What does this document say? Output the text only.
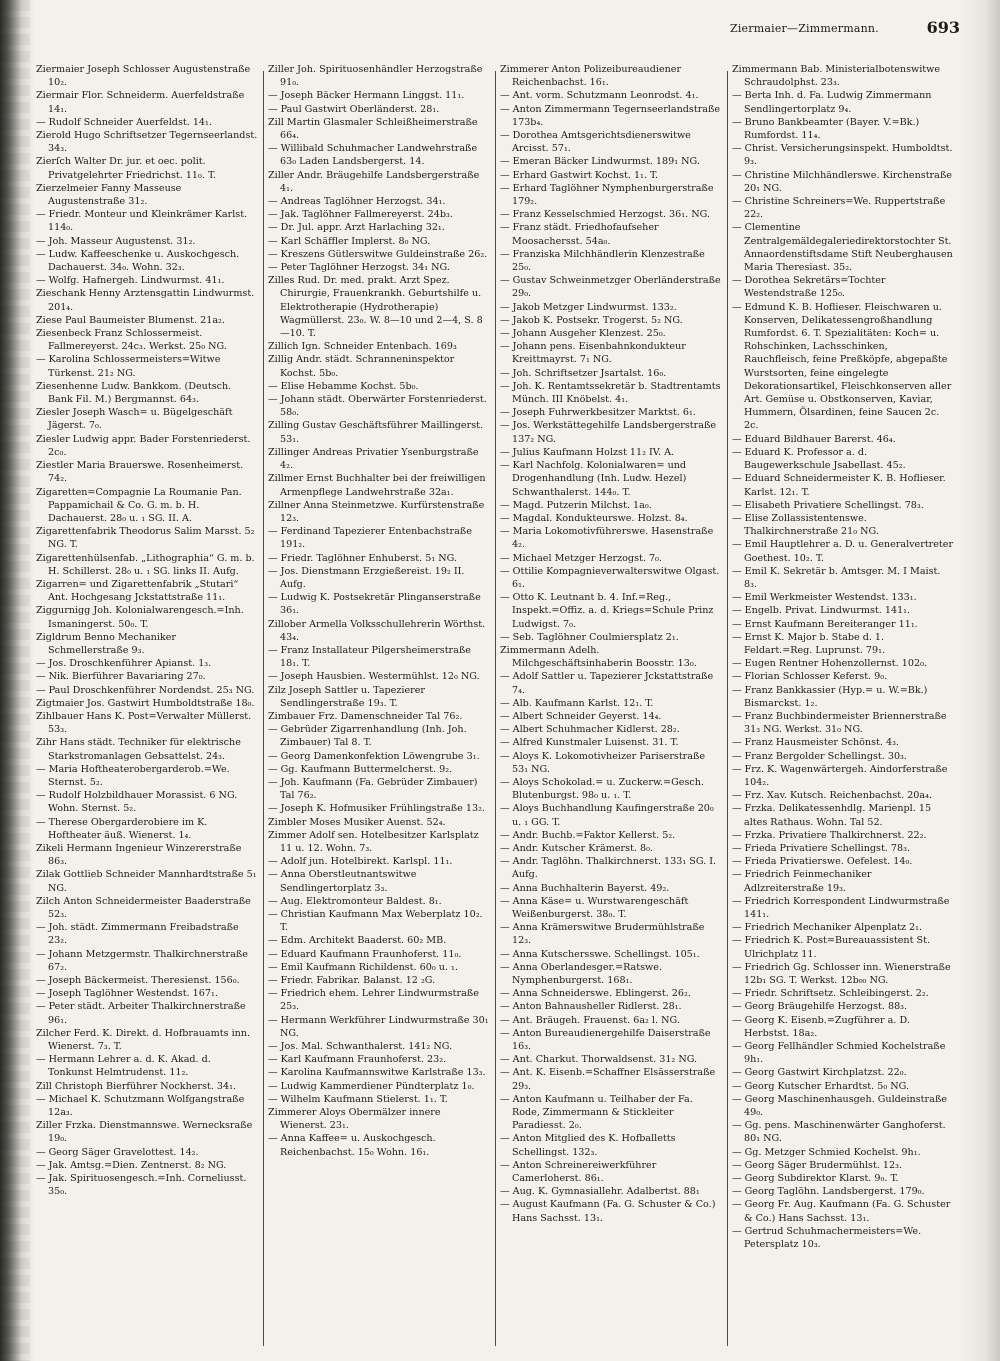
Ziermaier—Zimmermann.	693
Ziermaier Joseph Schlosser Augustenstraße 10₂.
Ziermair Flor. Schneiderm. Auerfeldstraße 14₁.
— Rudolf Schneider Auerfeldst. 14₁.
Zierold Hugo Schriftsetzer Tegernseerlandst. 34₃.
Zierſch Walter Dr. jur. et oec. polit. Privatgelehrter Friedrichst. 11₀. T.
Zierzelmeier Fanny Masseuse Augustenstraße 31₂.
— Friedr. Monteur und Kleinkrämer Karlst. 114₀.
— Joh. Masseur Augustenst. 31₂.
— Ludw. Kaffeeschenke u. Auskochgesch. Dachauerst. 34₀. Wohn. 32₃.
— Wolfg. Hafnergeh. Lindwurmst. 41₁.
Zieschank Henny Arztensgattin Lindwurmst. 201₄.
Ziese Paul Baumeister Blumenst. 21a₂.
Ziesenbeck Franz Schlossermeist. Fallmereyerst. 24c₃. Werkst. 25₀ NG.
— Karolina Schlossermeisters=Witwe Türkenst. 21₂ NG.
Ziesenhenne Ludw. Bankkom. (Deutsch. Bank Fil. M.) Bergmannst. 64₃.
Ziesler Joseph Wasch= u. Bügelgeschäft Jägerst. 7₀.
Ziesler Ludwig appr. Bader Forstenriederst. 2c₀.
Ziestler Maria Brauerswe. Rosenheimerst. 74₂.
Zigaretten=Compagnie La Roumanie Pan. Pappamichail & Co. G. m. b. H. Dachauerst. 28₀ u. ₁ SG. II. A.
Zigarettenfabrik Theodorus Salim Marsst. 5₂ NG. T.
Zigarettenhülsenfab. „Lithographia“ G. m. b. H. Schillerst. 28₀ u. ₁ SG. links II. Aufg.
Zigarren= und Zigarettenfabrik „Stutari“ Ant. Hochgesang Jckstattstraße 11₁.
Ziggurnigg Joh. Kolonialwarengesch.=Inh. Ismaningerst. 50₀. T.
Zigldrum Benno Mechaniker Schmellerstraße 9₃.
— Jos. Droschkenführer Apianst. 1₃.
— Nik. Bierführer Bavariaring 27₀.
— Paul Droschkenführer Nordendst. 25₃ NG.
Zigtmaier Jos. Gastwirt Humboldtstraße 18₀.
Zihlbauer Hans K. Post=Verwalter Müllerst. 53₃.
Zihr Hans städt. Techniker für elektrische Starkstromanlagen Gebsattelst. 24₃.
— Maria Hoftheaterobergarderob.=We. Sternst. 5₂.
— Rudolf Holzbildhauer Morassist. 6 NG. Wohn. Sternst. 5₂.
— Therese Obergarderobiere im K. Hoftheater äuß. Wienerst. 1₄.
Zikeli Hermann Ingenieur Winzererstraße 86₃.
Zilak Gottlieb Schneider Mannhardtstraße 5₁ NG.
Zilch Anton Schneidermeister Baaderstraße 52₃.
— Joh. städt. Zimmermann Freibadstraße 23₂.
— Johann Metzgermstr. Thalkirchnerstraße 67₂.
— Joseph Bäckermeist. Theresienst. 156₀.
— Joseph Taglöhner Westendst. 167₁.
— Peter städt. Arbeiter Thalkirchnerstraße 96₁.
Zilcher Ferd. K. Direkt. d. Hofbrauamts inn. Wienerst. 7₃. T.
— Hermann Lehrer a. d. K. Akad. d. Tonkunst Helmtrudenst. 11₂.
Zill Christoph Bierführer Nockherst. 34₁.
— Michael K. Schutzmann Wolfgangstraße 12a₃.
Ziller Frzka. Dienstmannswe. Wernecksraße 19₀.
— Georg Säger Gravelottest. 14₂.
— Jak. Amtsg.=Dien. Zentnerst. 8₂ NG.
— Jak. Spirituosengesch.=Inh. Corneliusst. 35₀.
Ziller Joh. Spirituosenhändler Herzogstraße 91₀.
— Joseph Bäcker Hermann Linggst. 11₁.
— Paul Gastwirt Oberländerst. 28₁.
Zill Martin Glasmaler Schleißheimerstraße 66₄.
— Willibald Schuhmacher Landwehrstraße 63₀ Laden Landsbergerst. 14.
Ziller Andr. Bräugehilfe Landsbergerstraße 4₁.
— Andreas Taglöhner Herzogst. 34₁.
— Jak. Taglöhner Fallmereyerst. 24b₃.
— Dr. Jul. appr. Arzt Harlaching 32₁.
— Karl Schäffler Implerst. 8₀ NG.
— Kreszens Gütlerswitwe Guldeinstraße 26₂.
— Peter Taglöhner Herzogst. 34₁ NG.
Zilles Rud. Dr. med. prakt. Arzt Spez. Chirurgie, Frauenkrankh. Geburtshilfe u. Elektrotherapie (Hydrotherapie) Wagmüllerst. 23₀. W. 8—10 und 2—4, S. 8—10. T.
Zillich Ign. Schneider Entenbach. 169₃
Zillig Andr. städt. Schranneninspektor Kochst. 5b₀.
— Elise Hebamme Kochst. 5b₀.
— Johann städt. Oberwärter Forstenriederst. 58₀.
Zilling Gustav Geschäftsführer Maillingerst. 53₁.
Zillinger Andreas Privatier Ysenburgstraße 4₂.
Zillmer Ernst Buchhalter bei der freiwilligen Armenpflege Landwehrstraße 32a₁.
Zillner Anna Steinmetzwe. Kurfürstenstraße 12₃.
— Ferdinand Tapezierer Entenbachstraße 191₂.
— Friedr. Taglöhner Enhuberst. 5₁ NG.
— Jos. Dienstmann Erzgießereist. 19₂ II. Aufg.
— Ludwig K. Postsekretär Plinganserstraße 36₁.
Zillober Armella Volksschullehrerin Wörthst. 43₄.
— Franz Installateur Pilgersheimerstraße 18₁. T.
— Joseph Hausbien. Westermühlst. 12₀ NG.
Zilz Joseph Sattler u. Tapezierer Sendlingerstraße 19₃. T.
Zimbauer Frz. Damenschneider Tal 76₂.
— Gebrüder Zigarrenhandlung (Inh. Joh. Zimbauer) Tal 8. T.
— Georg Damenkonfektion Löwengrube 3₁.
— Gg. Kaufmann Buttermelcherst. 9₂.
— Joh. Kaufmann (Fa. Gebrüder Zimbauer) Tal 76₂.
— Joseph K. Hofmusiker Frühlingstraße 13₂.
Zimbler Moses Musiker Auenst. 52₄.
Zimmer Adolf sen. Hotelbesitzer Karlsplatz 11 u. 12. Wohn. 7₃.
— Adolf jun. Hotelbirekt. Karlspl. 11₁.
— Anna Oberstleutnantswitwe Sendlingertorplatz 3₃.
— Aug. Elektromonteur Baldest. 8₁.
— Christian Kaufmann Max Weberplatz 10₂. T.
— Edm. Architekt Baaderst. 60₂ MB.
— Eduard Kaufmann Fraunhoferst. 11₀.
— Emil Kaufmann Richildenst. 60₀ u. ₁.
— Friedr. Fabrikar. Balanst. 12 ₂G.
— Friedrich ehem. Lehrer Lindwurmstraße 25₃.
— Hermann Werkführer Lindwurmstraße 30₁ NG.
— Jos. Mal. Schwanthalerst. 141₂ NG.
— Karl Kaufmann Fraunhoferst. 23₂.
— Karolina Kaufmannswitwe Karlstraße 13₃.
— Ludwig Kammerdiener Pündterplatz 1₀.
— Wilhelm Kaufmann Stielerst. 1₁. T.
Zimmerer Aloys Obermälzer innere Wienerst. 23₁.
— Anna Kaffee= u. Auskochgesch. Reichenbachst. 15₀ Wohn. 16₁.
Zimmerer Anton Polizeibureaudiener Reichenbachst. 16₁.
— Ant. vorm. Schutzmann Leonrodst. 4₁.
— Anton Zimmermann Tegernseerlandstraße 173b₄.
— Dorothea Amtsgerichtsdienerswitwe Arcisst. 57₁.
— Emeran Bäcker Lindwurmst. 189₁ NG.
— Erhard Gastwirt Kochst. 1₁. T.
— Erhard Taglöhner Nymphenburgerstraße 179₂.
— Franz Kesselschmied Herzogst. 36₁. NG.
— Franz städt. Friedhofaufseher Moosachersst. 54a₀.
— Franziska Milchhändlerin Klenzestraße 25₀.
— Gustav Schweinmetzger Oberländerstraße 29₀.
— Jakob Metzger Lindwurmst. 133₂.
— Jakob K. Postsekr. Trogerst. 5₂ NG.
— Johann Ausgeher Klenzest. 25₀.
— Johann pens. Eisenbahnkondukteur Kreittmayrst. 7₁ NG.
— Joh. Schriftsetzer Jsartalst. 16₀.
— Joh. K. Rentamtssekretär b. Stadtrentamts Münch. III Knöbelst. 4₁.
— Joseph Fuhrwerkbesitzer Marktst. 6₁.
— Jos. Werkstättegehilfe Landsbergerstraße 137₂ NG.
— Julius Kaufmann Holzst 11₂ IV. A.
— Karl Nachfolg. Kolonialwaren= und Drogenhandlung (Inh. Ludw. Hezel) Schwanthalerst. 144₀. T.
— Magd. Putzerin Milchst. 1a₀.
— Magdal. Kondukteurswe. Holzst. 8₄.
— Maria Lokomotivführerswe. Hasenstraße 4₂.
— Michael Metzger Herzogst. 7₀.
— Ottilie Kompagnieverwalterswitwe Olgast. 6₁.
— Otto K. Leutnant b. 4. Inf.=Reg., Inspekt.=Offiz. a. d. Kriegs=Schule Prinz Ludwigst. 7₀.
— Seb. Taglöhner Coulmiersplatz 2₁.
Zimmermann Adelh. Milchgeschäftsinhaberin Boosstr. 13₀.
— Adolf Sattler u. Tapezierer Jckstattstraße 7₄.
— Alb. Kaufmann Karlst. 12₁. T.
— Albert Schneider Geyerst. 14₄.
— Albert Schuhmacher Kidlerst. 28₂.
— Alfred Kunstmaler Luisenst. 31. T.
— Aloys K. Lokomotivheizer Pariserstraße 53₁ NG.
— Aloys Schokolad.= u. Zuckerw.=Gesch. Blutenburgst. 98₀ u. ₁. T.
— Aloys Buchhandlung Kaufingerstraße 20₀ u. ₁ GG. T.
— Andr. Buchb.=Faktor Kellerst. 5₂.
— Andr. Kutscher Krämerst. 8₀.
— Andr. Taglöhn. Thalkirchnerst. 133₁ SG. I. Aufg.
— Anna Buchhalterin Bayerst. 49₂.
— Anna Käse= u. Wurstwarengeschäft Weißenburgerst. 38₀. T.
— Anna Krämerswitwe Brudermühlstraße 12₃.
— Anna Kutschersswe. Schellingst. 105₁.
— Anna Oberlandesger.=Ratswe. Nymphenburgerst. 168₁.
— Anna Schneiderswe. Eblingerst. 26₂.
— Anton Bahnausheller Ridlerst. 28₁.
— Ant. Bräugeh. Frauenst. 6a₂ l. NG.
— Anton Bureaudienergehilfe Daiserstraße 16₃.
— Ant. Charkut. Thorwaldsenst. 31₂ NG.
— Ant. K. Eisenb.=Schaffner Elsässerstraße 29₃.
— Anton Kaufmann u. Teilhaber der Fa. Rode, Zimmermann & Stickleiter Paradiesst. 2₀.
— Anton Mitglied des K. Hofballetts Schellingst. 132₃.
— Anton Schreinereiwerkführer Camerloherst. 86₁.
— Aug. K. Gymnasiallehr. Adalbertst. 88₁
— August Kaufmann (Fa. G. Schuster & Co.) Hans Sachsst. 13₁.
Zimmermann Bab. Ministerialbotenswitwe Schraudolphst. 23₃.
— Berta Inh. d. Fa. Ludwig Zimmermann Sendlingertorplatz 9₄.
— Bruno Bankbeamter (Bayer. V.=Bk.) Rumfordst. 11₄.
— Christ. Versicherungsinspekt. Humboldtst. 9₃.
— Christine Milchhändlerswe. Kirchenstraße 20₁ NG.
— Christine Schreiners=We. Ruppertstraße 22₂.
— Clementine Zentralgemäldegaleriedirektorstochter St. Annaordenstiftsdame Stift Neuberghausen Maria Theresiast. 35₂.
— Dorothea Sekretärs=Tochter Westendstraße 125₀.
— Edmund K. B. Hoflieser. Fleischwaren u. Konserven, Delikatessengroßhandlung Rumfordst. 6. T. Spezialitäten: Koch= u. Rohschinken, Lachsschinken, Rauchfleisch, feine Preßköpfe, abgepaßte Wurstsorten, feine eingelegte Dekorationsartikel, Fleischkonserven aller Art. Gemüse u. Obstkonserven, Kaviar, Hummern, Ölsardinen, feine Saucen 2c. 2c.
— Eduard Bildhauer Barerst. 46₄.
— Eduard K. Professor a. d. Baugewerkschule Jsabellast. 45₂.
— Eduard Schneidermeister K. B. Hoflieser. Karlst. 12₁. T.
— Elisabeth Privatiere Schellingst. 78₃.
— Elise Zollassistentenswe. Thalkirchnerstraße 21₀ NG.
— Emil Hauptlehrer a. D. u. Generalvertreter Goethest. 10₂. T.
— Emil K. Sekretär b. Amtsger. M. I Maist. 8₃.
— Emil Werkmeister Westendst. 133₁.
— Engelb. Privat. Lindwurmst. 141₁.
— Ernst Kaufmann Bereiteranger 11₁.
— Ernst K. Major b. Stabe d. 1. Feldart.=Reg. Luprunst. 79₁.
— Eugen Rentner Hohenzollernst. 102₀.
— Florian Schlosser Keferst. 9₀.
— Franz Bankkassier (Hyp.= u. W.=Bk.) Bismarckst. 1₂.
— Franz Buchbindermeister Briennerstraße 31₃ NG. Werkst. 31₀ NG.
— Franz Hausmeister Schönst. 4₃.
— Franz Bergolder Schellingst. 30₃.
— Frz. K. Wagenwärtergeh. Aindorferstraße 104₂.
— Frz. Xav. Kutsch. Reichenbachst. 20a₄.
— Frzka. Delikatessenhdlg. Marienpl. 15 altes Rathaus. Wohn. Tal 52.
— Frzka. Privatiere Thalkirchnerst. 22₂.
— Frieda Privatiere Schellingst. 78₃.
— Frieda Privatierswe. Oefelest. 14₀.
— Friedrich Feinmechaniker Adlzreiterstraße 19₃.
— Friedrich Korrespondent Lindwurmstraße 141₁.
— Friedrich Mechaniker Alpenplatz 2₁.
— Friedrich K. Post=Bureauassistent St. Ulrichplatz 11.
— Friedrich Gg. Schlosser inn. Wienerstraße 12b₁ SG. T. Werkst. 12b₀₀ NG.
— Friedr. Schriftsetz. Schleibingerst. 2₂.
— Georg Bräugehilfe Herzogst. 88₃.
— Georg K. Eisenb.=Zugführer a. D. Herbstst. 18a₂.
— Georg Fellhändler Schmied Kochelstraße 9h₁.
— Georg Gastwirt Kirchplatzst. 22₀.
— Georg Kutscher Erhardtst. 5₀ NG.
— Georg Maschinenhausgeh. Guldeinstraße 49₀.
— Gg. pens. Maschinenwärter Ganghoferst. 80₁ NG.
— Gg. Metzger Schmied Kochelst. 9h₁.
— Georg Säger Brudermühlst. 12₃.
— Georg Subdirektor Klarst. 9₀. T.
— Georg Taglöhn. Landsbergerst. 179₀.
— Georg Fr. Aug. Kaufmann (Fa. G. Schuster & Co.) Hans Sachsst. 13₁.
— Gertrud Schuhmachermeisters=We. Petersplatz 10₃.
